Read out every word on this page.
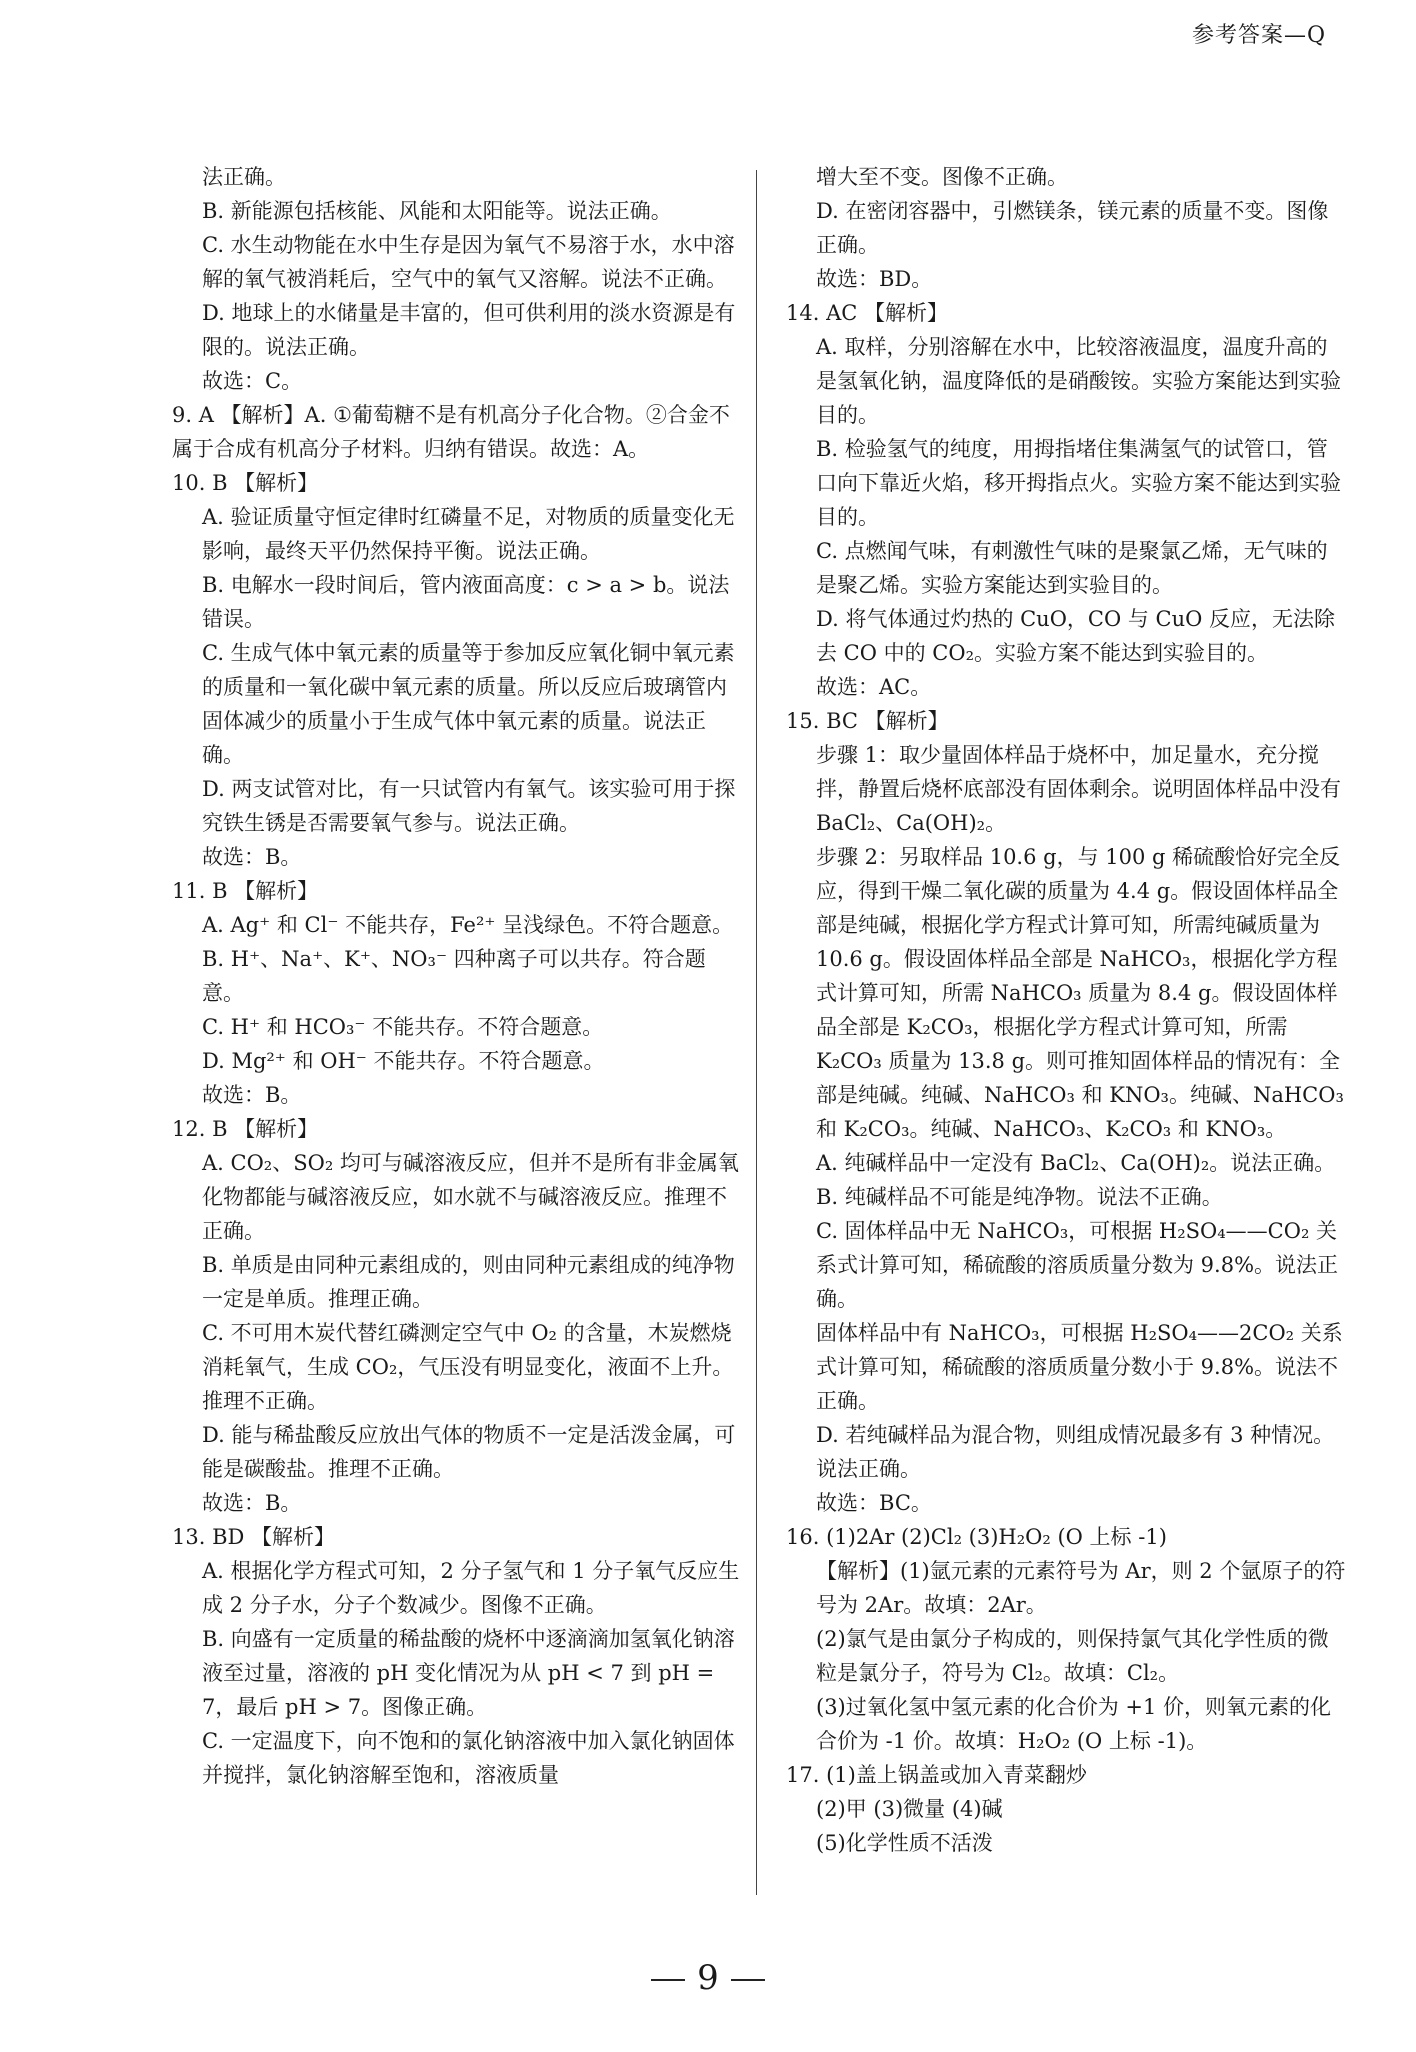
参考答案—Q

法正确。

B. 新能源包括核能、风能和太阳能等。说法正确。

C. 水生动物能在水中生存是因为氧气不易溶于水，水中溶解的氧气被消耗后，空气中的氧气又溶解。说法不正确。

D. 地球上的水储量是丰富的，但可供利用的淡水资源是有限的。说法正确。

故选：C。

9. A 【解析】A. ①葡萄糖不是有机高分子化合物。②合金不属于合成有机高分子材料。归纳有错误。故选：A。

10. B 【解析】

A. 验证质量守恒定律时红磷量不足，对物质的质量变化无影响，最终天平仍然保持平衡。说法正确。

B. 电解水一段时间后，管内液面高度：c > a > b。说法错误。

C. 生成气体中氧元素的质量等于参加反应氧化铜中氧元素的质量和一氧化碳中氧元素的质量。所以反应后玻璃管内固体减少的质量小于生成气体中氧元素的质量。说法正确。

D. 两支试管对比，有一只试管内有氧气。该实验可用于探究铁生锈是否需要氧气参与。说法正确。

故选：B。

11. B 【解析】

A. Ag⁺ 和 Cl⁻ 不能共存，Fe²⁺ 呈浅绿色。不符合题意。

B. H⁺、Na⁺、K⁺、NO₃⁻ 四种离子可以共存。符合题意。

C. H⁺ 和 HCO₃⁻ 不能共存。不符合题意。

D. Mg²⁺ 和 OH⁻ 不能共存。不符合题意。

故选：B。

12. B 【解析】

A. CO₂、SO₂ 均可与碱溶液反应，但并不是所有非金属氧化物都能与碱溶液反应，如水就不与碱溶液反应。推理不正确。

B. 单质是由同种元素组成的，则由同种元素组成的纯净物一定是单质。推理正确。

C. 不可用木炭代替红磷测定空气中 O₂ 的含量，木炭燃烧消耗氧气，生成 CO₂，气压没有明显变化，液面不上升。推理不正确。

D. 能与稀盐酸反应放出气体的物质不一定是活泼金属，可能是碳酸盐。推理不正确。

故选：B。

13. BD 【解析】

A. 根据化学方程式可知，2 分子氢气和 1 分子氧气反应生成 2 分子水，分子个数减少。图像不正确。

B. 向盛有一定质量的稀盐酸的烧杯中逐滴滴加氢氧化钠溶液至过量，溶液的 pH 变化情况为从 pH < 7 到 pH = 7，最后 pH > 7。图像正确。

C. 一定温度下，向不饱和的氯化钠溶液中加入氯化钠固体并搅拌，氯化钠溶解至饱和，溶液质量

增大至不变。图像不正确。

D. 在密闭容器中，引燃镁条，镁元素的质量不变。图像正确。

故选：BD。

14. AC 【解析】

A. 取样，分别溶解在水中，比较溶液温度，温度升高的是氢氧化钠，温度降低的是硝酸铵。实验方案能达到实验目的。

B. 检验氢气的纯度，用拇指堵住集满氢气的试管口，管口向下靠近火焰，移开拇指点火。实验方案不能达到实验目的。

C. 点燃闻气味，有刺激性气味的是聚氯乙烯，无气味的是聚乙烯。实验方案能达到实验目的。

D. 将气体通过灼热的 CuO，CO 与 CuO 反应，无法除去 CO 中的 CO₂。实验方案不能达到实验目的。

故选：AC。

15. BC 【解析】

步骤 1：取少量固体样品于烧杯中，加足量水，充分搅拌，静置后烧杯底部没有固体剩余。说明固体样品中没有 BaCl₂、Ca(OH)₂。

步骤 2：另取样品 10.6 g，与 100 g 稀硫酸恰好完全反应，得到干燥二氧化碳的质量为 4.4 g。假设固体样品全部是纯碱，根据化学方程式计算可知，所需纯碱质量为 10.6 g。假设固体样品全部是 NaHCO₃，根据化学方程式计算可知，所需 NaHCO₃ 质量为 8.4 g。假设固体样品全部是 K₂CO₃，根据化学方程式计算可知，所需 K₂CO₃ 质量为 13.8 g。则可推知固体样品的情况有：全部是纯碱。纯碱、NaHCO₃ 和 KNO₃。纯碱、NaHCO₃ 和 K₂CO₃。纯碱、NaHCO₃、K₂CO₃ 和 KNO₃。

A. 纯碱样品中一定没有 BaCl₂、Ca(OH)₂。说法正确。

B. 纯碱样品不可能是纯净物。说法不正确。

C. 固体样品中无 NaHCO₃，可根据 H₂SO₄——CO₂ 关系式计算可知，稀硫酸的溶质质量分数为 9.8%。说法正确。

固体样品中有 NaHCO₃，可根据 H₂SO₄——2CO₂ 关系式计算可知，稀硫酸的溶质质量分数小于 9.8%。说法不正确。

D. 若纯碱样品为混合物，则组成情况最多有 3 种情况。说法正确。

故选：BC。

16. (1)2Ar (2)Cl₂ (3)H₂O₂ (O 上标 -1)

【解析】(1)氩元素的元素符号为 Ar，则 2 个氩原子的符号为 2Ar。故填：2Ar。

(2)氯气是由氯分子构成的，则保持氯气其化学性质的微粒是氯分子，符号为 Cl₂。故填：Cl₂。

(3)过氧化氢中氢元素的化合价为 +1 价，则氧元素的化合价为 -1 价。故填：H₂O₂ (O 上标 -1)。

17. (1)盖上锅盖或加入青菜翻炒

(2)甲 (3)微量 (4)碱

(5)化学性质不活泼

9
